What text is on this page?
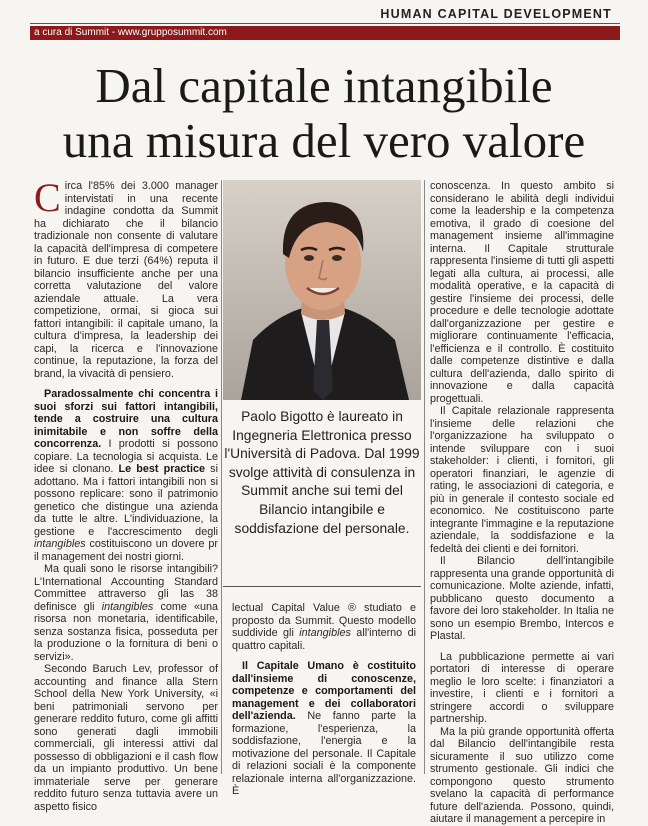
HUMAN CAPITAL DEVELOPMENT
a cura di Summit - www.grupposummit.com
Dal capitale intangibile
una misura del vero valore

Circa l'85% dei 3.000 manager intervistati in una recente indagine condotta da Summit ha dichiarato che il bilancio tradizionale non consente di valutare la capacità dell'impresa di competere in futuro. E due terzi (64%) reputa il bilancio insufficiente anche per una corretta valutazione del valore aziendale attuale. La vera competizione, ormai, si gioca sui fattori intangibili: il capitale umano, la cultura d'impresa, la leadership dei capi, la ricerca e l'innovazione continue, la reputazione, la forza del brand, la vivacità di pensiero.

Paradossalmente chi concentra i suoi sforzi sui fattori intangibili, tende a costruire una cultura inimitabile e non soffre della concorrenza. I prodotti si possono copiare. La tecnologia si acquista. Le idee si clonano. Le best practice si adottano. Ma i fattori intangibili non si possono replicare: sono il patrimonio genetico che distingue una azienda da tutte le altre. L'individuazione, la gestione e l'accrescimento degli intangibles costituiscono un dovere pr il management dei nostri giorni.

Ma quali sono le risorse intangibili? L'International Accounting Standard Committee attraverso gli las 38 definisce gli intangibles come «una risorsa non monetaria, identificabile, senza sostanza fisica, posseduta per la produzione o la fornitura di beni o servizi».

Secondo Baruch Lev, professor of accounting and finance alla Stern School della New York University, «i beni patrimoniali servono per generare reddito futuro, come gli affitti sono generati dagli immobili commerciali, gli interessi attivi dal possesso di obbligazioni e il cash flow da un impianto produttivo. Un bene immateriale serve per generare reddito futuro senza tuttavia avere un aspetto fisico

Paolo Bigotto è laureato in Ingegneria Elettronica presso l'Università di Padova. Dal 1999 svolge attività di consulenza in Summit anche sui temi del Bilancio intangibile e soddisfazione del personale.

lectual Capital Value ® studiato e proposto da Summit. Questo modello suddivide gli intangibles all'interno di quattro capitali.

Il Capitale Umano è costituito dall'insieme di conoscenze, competenze e comportamenti del management e dei collaboratori dell'azienda. Ne fanno parte la formazione, l'esperienza, la soddisfazione, l'energia e la motivazione del personale. Il Capitale di relazioni sociali è la componente relazionale interna all'organizzazione. È

conoscenza. In questo ambito si considerano le abilità degli individui come la leadership e la competenza emotiva, il grado di coesione del management insieme all'immagine interna. Il Capitale strutturale rappresenta l'insieme di tutti gli aspetti legati alla cultura, ai processi, alle modalità operative, e la capacità di gestire l'insieme dei processi, delle procedure e delle tecnologie adottate dall'organizzazione per gestire e migliorare continuamente l'efficacia, l'efficienza e il controllo. È costituito dalle competenze distintive e dalla cultura dell'azienda, dallo spirito di innovazione e dalla capacità progettuali.

Il Capitale relazionale rappresenta l'insieme delle relazioni che l'organizzazione ha sviluppato o intende sviluppare con i suoi stakeholder: i clienti, i fornitori, gli operatori finanziari, le agenzie di rating, le associazioni di categoria, e più in generale il contesto sociale ed economico. Ne costituiscono parte integrante l'immagine e la reputazione aziendale, la soddisfazione e la fedeltà dei clienti e dei fornitori.

Il Bilancio dell'intangibile rappresenta una grande opportunità di comunicazione. Molte aziende, infatti, pubblicano questo documento a favore dei loro stakeholder. In Italia ne sono un esempio Brembo, Intercos e Plastal.

La pubblicazione permette ai vari portatori di interesse di operare meglio le loro scelte: i finanziatori a investire, i clienti e i fornitori a stringere accordi o sviluppare partnership.

Ma la più grande opportunità offerta dal Bilancio dell'intangibile resta sicuramente il suo utilizzo come strumento gestionale. Gli indici che compongono questo strumento svelano la capacità di performance future dell'azienda. Possono, quindi, aiutare il management a percepire in
